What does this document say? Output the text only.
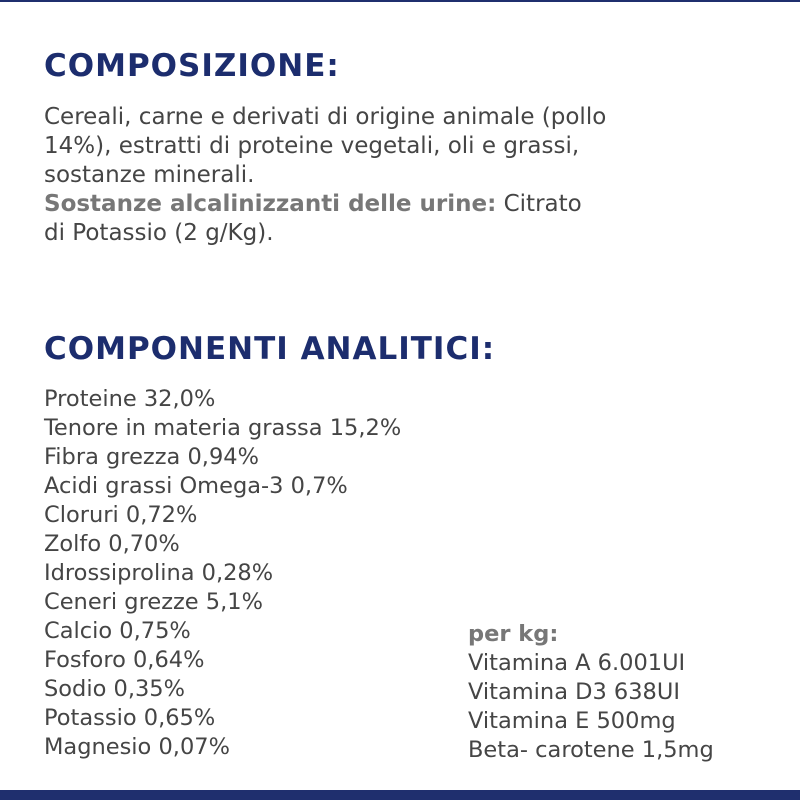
COMPOSIZIONE:

Cereali, carne e derivati di origine animale (pollo
14%), estratti di proteine vegetali, oli e grassi,
sostanze minerali.
Sostanze alcalinizzanti delle urine: Citrato
di Potassio (2 g/Kg).

COMPONENTI ANALITICI:
Proteine 32,0%
Tenore in materia grassa 15,2%
Fibra grezza 0,94%
Acidi grassi Omega-3 0,7%
Cloruri 0,72%
Zolfo 0,70%
Idrossiprolina 0,28%
Ceneri grezze 5,1%
Calcio 0,75%
Fosforo 0,64%
Sodio 0,35%
Potassio 0,65%
Magnesio 0,07%
per kg:
Vitamina A 6.001UI
Vitamina D3 638UI
Vitamina E 500mg
Beta- carotene 1,5mg
